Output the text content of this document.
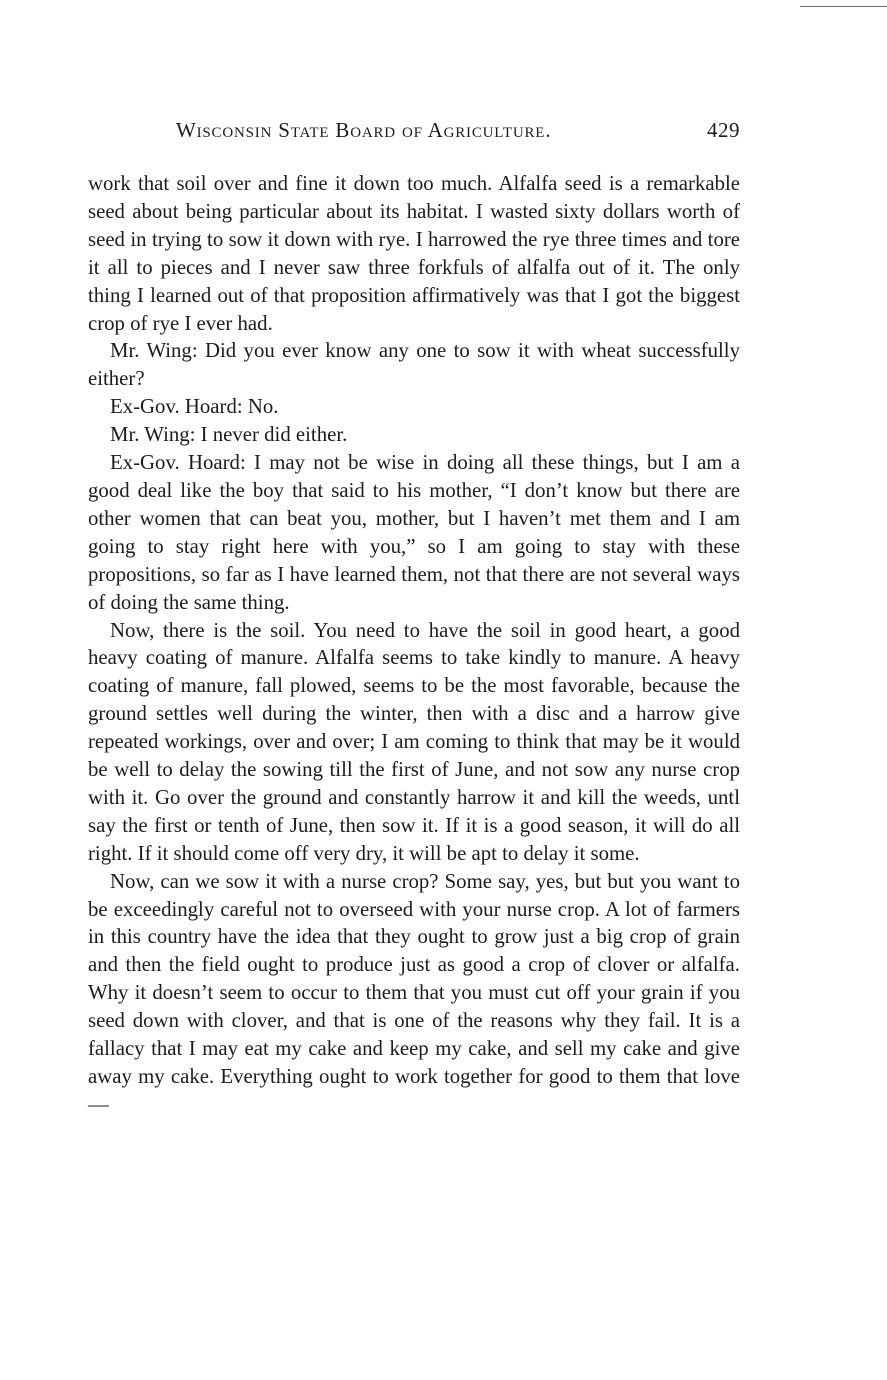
Wisconsin State Board of Agriculture.	429

work that soil over and fine it down too much. Alfalfa seed is a remarkable seed about being particular about its habitat. I wasted sixty dollars worth of seed in trying to sow it down with rye. I harrowed the rye three times and tore it all to pieces and I never saw three forkfuls of alfalfa out of it. The only thing I learned out of that proposition affirmatively was that I got the biggest crop of rye I ever had.

Mr. Wing: Did you ever know any one to sow it with wheat successfully either?

Ex-Gov. Hoard: No.

Mr. Wing: I never did either.

Ex-Gov. Hoard: I may not be wise in doing all these things, but I am a good deal like the boy that said to his mother, “I don’t know but there are other women that can beat you, mother, but I haven’t met them and I am going to stay right here with you,” so I am going to stay with these propositions, so far as I have learned them, not that there are not several ways of doing the same thing.

Now, there is the soil. You need to have the soil in good heart, a good heavy coating of manure. Alfalfa seems to take kindly to manure. A heavy coating of manure, fall plowed, seems to be the most favorable, because the ground settles well during the winter, then with a disc and a harrow give repeated workings, over and over; I am coming to think that may be it would be well to delay the sowing till the first of June, and not sow any nurse crop with it. Go over the ground and constantly harrow it and kill the weeds, untl say the first or tenth of June, then sow it. If it is a good season, it will do all right. If it should come off very dry, it will be apt to delay it some.

Now, can we sow it with a nurse crop? Some say, yes, but but you want to be exceedingly careful not to overseed with your nurse crop. A lot of farmers in this country have the idea that they ought to grow just a big crop of grain and then the field ought to produce just as good a crop of clover or alfalfa. Why it doesn’t seem to occur to them that you must cut off your grain if you seed down with clover, and that is one of the reasons why they fail. It is a fallacy that I may eat my cake and keep my cake, and sell my cake and give away my cake. Everything ought to work together for good to them that love—
